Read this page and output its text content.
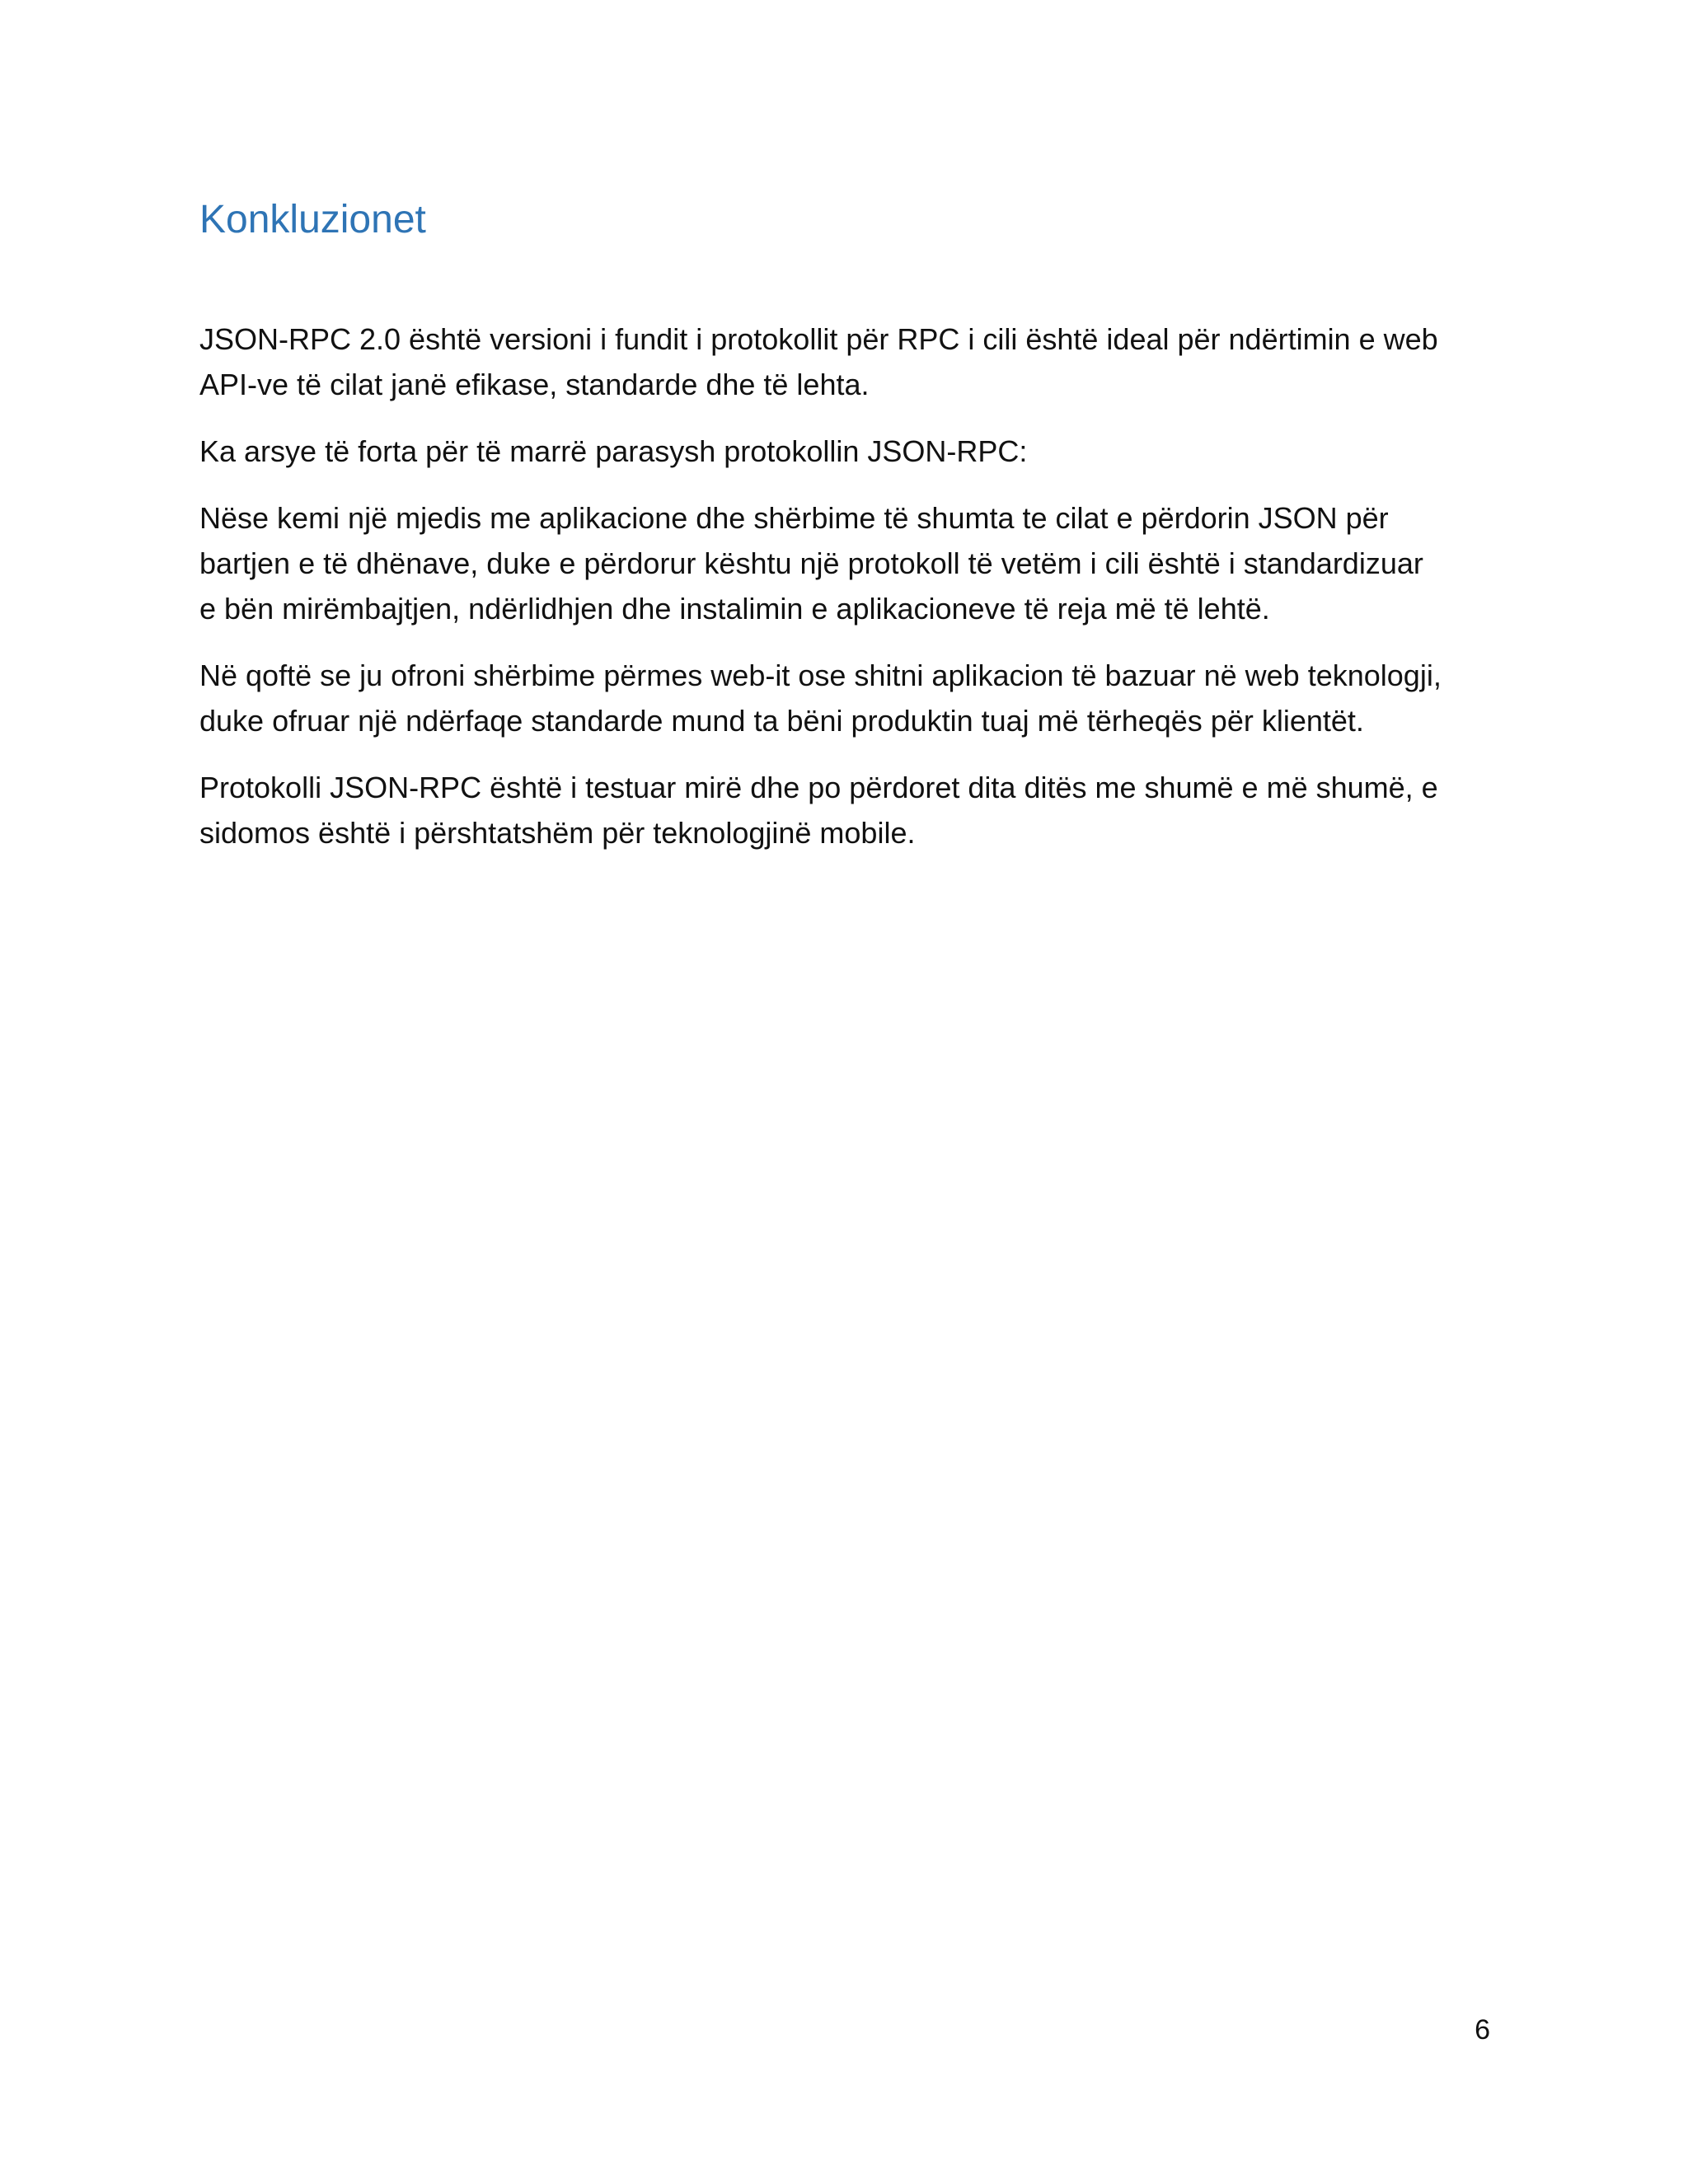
Konkluzionet

JSON-RPC 2.0 është versioni i fundit i protokollit për RPC i cili është ideal për ndërtimin e web
API-ve të cilat janë efikase, standarde dhe të lehta.

Ka arsye të forta për të marrë parasysh protokollin JSON-RPC:

Nëse kemi një mjedis me aplikacione dhe shërbime të shumta te cilat e përdorin JSON për
bartjen e të dhënave, duke e përdorur kështu një protokoll të vetëm i cili është i standardizuar
e bën mirëmbajtjen, ndërlidhjen dhe instalimin e aplikacioneve të reja më të lehtë.

Në qoftë se ju ofroni shërbime përmes web-it ose shitni aplikacion të bazuar në web teknologji,
duke ofruar një ndërfaqe standarde mund ta bëni produktin tuaj më tërheqës për klientët.

Protokolli JSON-RPC është i testuar mirë dhe po përdoret dita ditës me shumë e më shumë, e
sidomos është i përshtatshëm për teknologjinë mobile.

6
